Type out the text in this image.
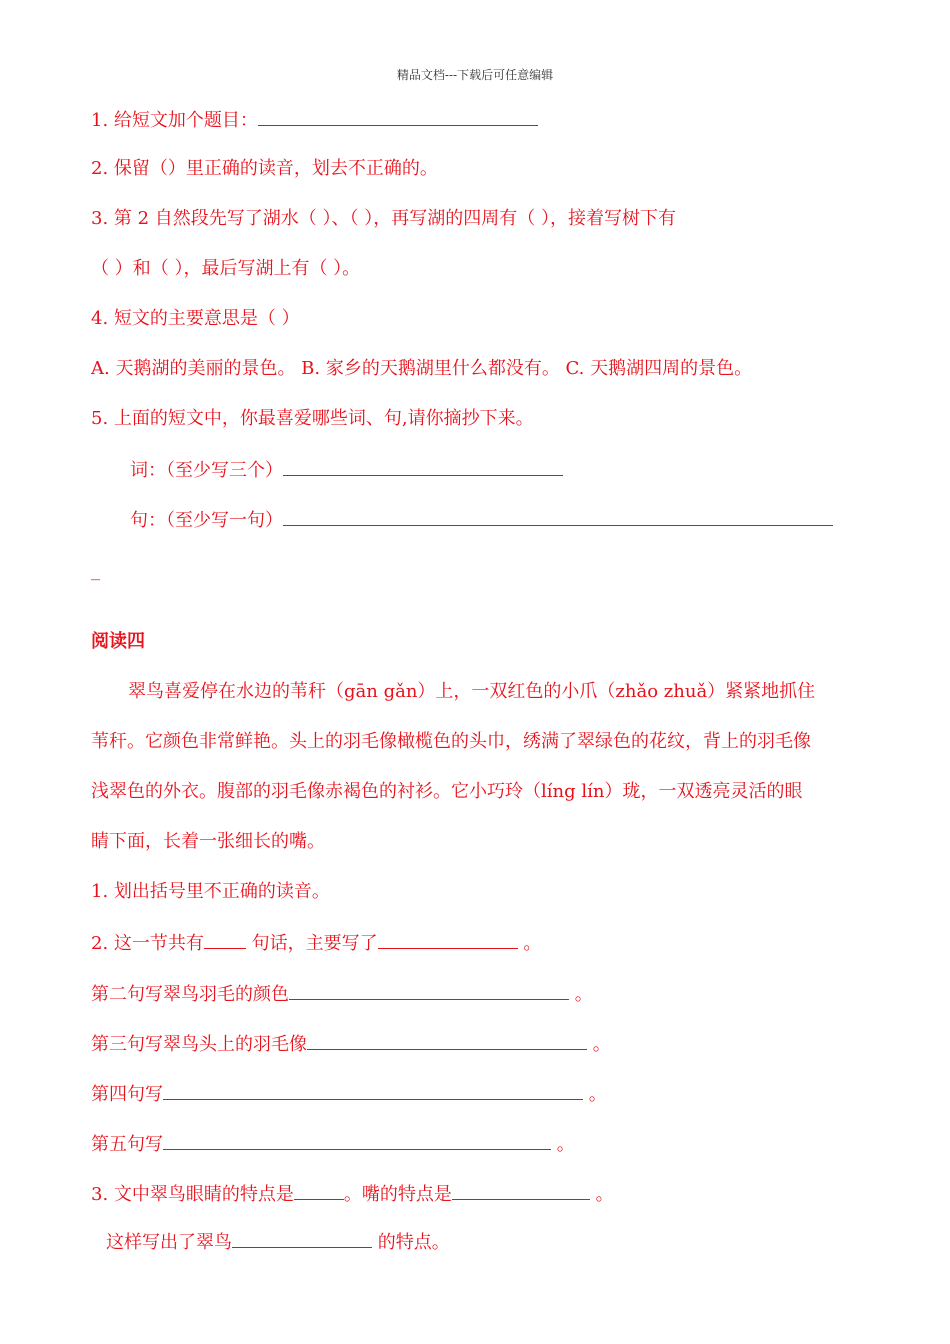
精品文档---下载后可任意编辑
1. 给短文加个题目：
2. 保留（）里正确的读音，划去不正确的。
3. 第 2 自然段先写了湖水（ ）、（ ），再写湖的四周有（ ），接着写树下有
（ ）和（ ），最后写湖上有（ ）。
4. 短文的主要意思是（ ）
A. 天鹅湖的美丽的景色。 B. 家乡的天鹅湖里什么都没有。 C. 天鹅湖四周的景色。
5. 上面的短文中，你最喜爱哪些词、句,请你摘抄下来。
词：（至少写三个）
句：（至少写一句）
_
阅读四
翠鸟喜爱停在水边的苇秆（gān gǎn）上，一双红色的小爪（zhǎo zhuǎ）紧紧地抓住
苇秆。它颜色非常鲜艳。头上的羽毛像橄榄色的头巾，绣满了翠绿色的花纹，背上的羽毛像
浅翠色的外衣。腹部的羽毛像赤褐色的衬衫。它小巧玲（líng lín）珑，一双透亮灵活的眼
睛下面，长着一张细长的嘴。
1. 划出括号里不正确的读音。
2. 这一节共有 句话，主要写了	。
第二句写翠鸟羽毛的颜色	。
第三句写翠鸟头上的羽毛像	。
第四句写	。
第五句写	。
3. 文中翠鸟眼睛的特点是	。嘴的特点是	。
这样写出了翠鸟	的特点。
